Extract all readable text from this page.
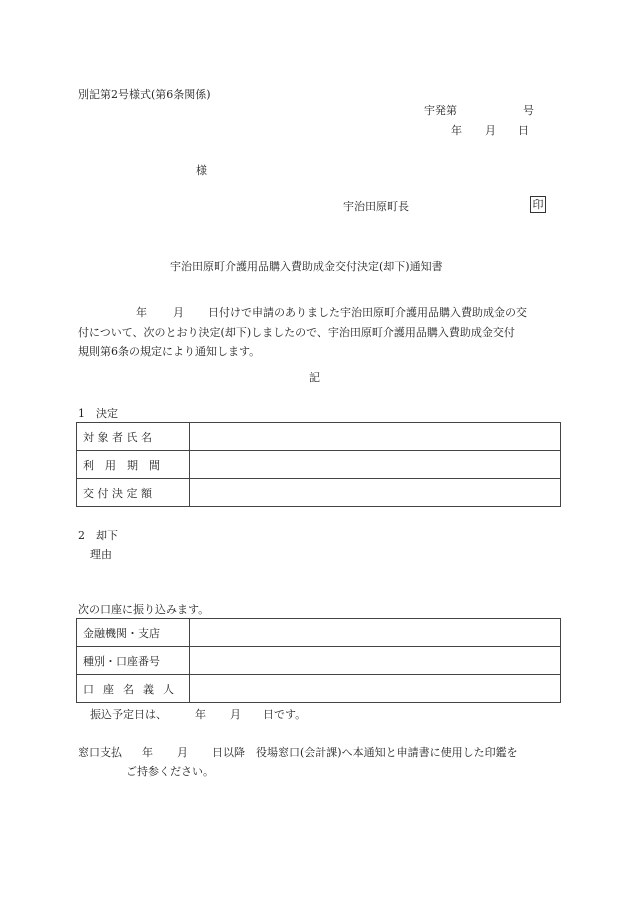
別記第2号様式(第6条関係)
宇発第	号
年 月 日
様
宇治田原町長	印
宇治田原町介護用品購入費助成金交付決定(却下)通知書
年 月 日付けで申請のありました宇治田原町介護用品購入費助成金の交
付について、次のとおり決定(却下)しましたので、宇治田原町介護用品購入費助成金交付
規則第6条の規定により通知します。
記
1　決定
対 象 者 氏 名	
利　用　期　間	
交 付 決 定 額	
2　却下
理由
次の口座に振り込みます。
金融機関・支店	
種別・口座番号	
口　座　名　義　人	
振込予定日は、	年 月 日です。
窓口支払 年 月 日以降　役場窓口(会計課)へ本通知と申請書に使用した印鑑を
ご持参ください。
